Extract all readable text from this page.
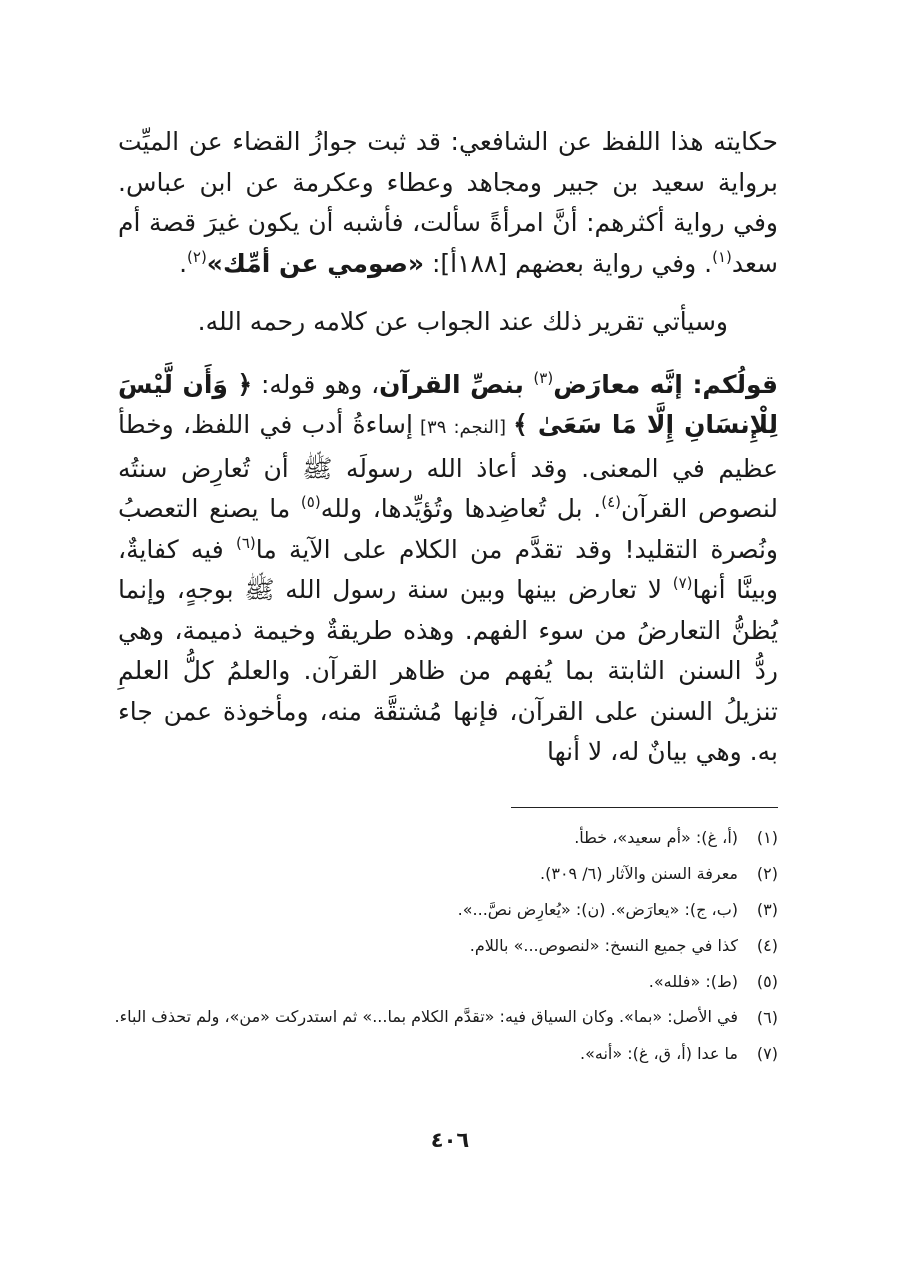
حكايته هذا اللفظ عن الشافعي: قد ثبت جوازُ القضاء عن الميِّت برواية سعيد بن جبير ومجاهد وعطاء وعكرمة عن ابن عباس. وفي رواية أكثرهم: أنَّ امرأةً سألت، فأشبه أن يكون غيرَ قصة أم سعد$^{(١)}$. وفي رواية بعضهم [١٨٨أ]: «صومي عن أمِّك»$^{(٢)}$.

وسيأتي تقرير ذلك عند الجواب عن كلامه رحمه الله.

قولُكم: إنَّه معارَض$^{(٣)}$ بنصِّ القرآن، وهو قوله: ﴿ وَأَن لَّيْسَ لِلْإِنسَانِ إِلَّا مَا سَعَىٰ ﴾ [النجم: ٣٩] إساءةُ أدب في اللفظ، وخطأ عظيم في المعنى. وقد أعاذ الله رسولَه ﷺ أن تُعارِض سنتُه لنصوص القرآن$^{(٤)}$. بل تُعاضِدها وتُؤيِّدها، ولله$^{(٥)}$ ما يصنع التعصبُ ونُصرة التقليد! وقد تقدَّم من الكلام على الآية ما$^{(٦)}$ فيه كفايةٌ، وبينَّا أنها$^{(٧)}$ لا تعارض بينها وبين سنة رسول الله ﷺ بوجهٍ، وإنما يُظنُّ التعارضُ من سوء الفهم. وهذه طريقةٌ وخيمة ذميمة، وهي ردُّ السنن الثابتة بما يُفهم من ظاهر القرآن. والعلمُ كلُّ العلمِ تنزيلُ السنن على القرآن، فإنها مُشتقَّة منه، ومأخوذة عمن جاء به. وهي بيانٌ له، لا أنها

(١)
(أ، غ): «أم سعيد»، خطأ.
(٢)
معرفة السنن والآثار (٦/ ٣٠٩).
(٣)
(ب، ج): «يعارَض». (ن): «يُعارِض نصَّ...».
(٤)
كذا في جميع النسخ: «لنصوص...» باللام.
(٥)
(ط): «فلله».
(٦)
في الأصل: «بما». وكان السياق فيه: «تقدَّم الكلام بما...» ثم استدركت «من»، ولم تحذف الباء.
(٧)
ما عدا (أ، ق، غ): «أنه».
٤٠٦
